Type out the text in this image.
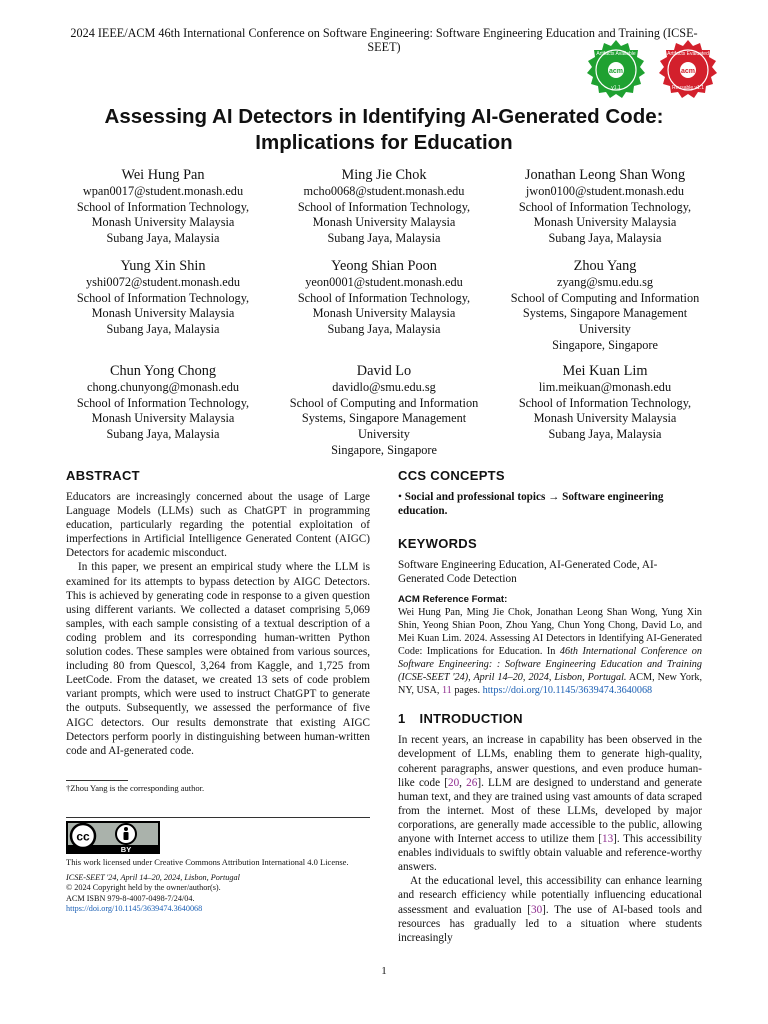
2024 IEEE/ACM 46th International Conference on Software Engineering: Software Engineering Education and Training (ICSE-SEET)
acm
Artifacts Available
v1.1
acm
Artifacts Evaluated
Reusable v1.1
Assessing AI Detectors in Identifying AI-Generated Code:
Implications for Education
Wei Hung Pan
wpan0017@student.monash.edu
School of Information Technology,
Monash University Malaysia
Subang Jaya, Malaysia
Ming Jie Chok
mcho0068@student.monash.edu
School of Information Technology,
Monash University Malaysia
Subang Jaya, Malaysia
Jonathan Leong Shan Wong
jwon0100@student.monash.edu
School of Information Technology,
Monash University Malaysia
Subang Jaya, Malaysia
Yung Xin Shin
yshi0072@student.monash.edu
School of Information Technology,
Monash University Malaysia
Subang Jaya, Malaysia
Yeong Shian Poon
yeon0001@student.monash.edu
School of Information Technology,
Monash University Malaysia
Subang Jaya, Malaysia
Zhou Yang
zyang@smu.edu.sg
School of Computing and Information
Systems, Singapore Management
University
Singapore, Singapore
Chun Yong Chong
chong.chunyong@monash.edu
School of Information Technology,
Monash University Malaysia
Subang Jaya, Malaysia
David Lo
davidlo@smu.edu.sg
School of Computing and Information
Systems, Singapore Management
University
Singapore, Singapore
Mei Kuan Lim
lim.meikuan@monash.edu
School of Information Technology,
Monash University Malaysia
Subang Jaya, Malaysia
ABSTRACT

Educators are increasingly concerned about the usage of Large Language Models (LLMs) such as ChatGPT in programming education, particularly regarding the potential exploitation of imperfections in Artificial Intelligence Generated Content (AIGC) Detectors for academic misconduct.

In this paper, we present an empirical study where the LLM is examined for its attempts to bypass detection by AIGC Detectors. This is achieved by generating code in response to a given question using different variants. We collected a dataset comprising 5,069 samples, with each sample consisting of a textual description of a coding problem and its corresponding human-written Python solution codes. These samples were obtained from various sources, including 80 from Quescol, 3,264 from Kaggle, and 1,725 from LeetCode. From the dataset, we created 13 sets of code problem variant prompts, which were used to instruct ChatGPT to generate the outputs. Subsequently, we assessed the performance of five AIGC detectors. Our results demonstrate that existing AIGC Detectors perform poorly in distinguishing between human-written code and AI-generated code.

†Zhou Yang is the corresponding author.
cc
BY
This work licensed under Creative Commons Attribution International 4.0 License.
ICSE-SEET '24, April 14–20, 2024, Lisbon, Portugal
© 2024 Copyright held by the owner/author(s).
ACM ISBN 979-8-4007-0498-7/24/04.
https://doi.org/10.1145/3639474.3640068
CCS CONCEPTS

• Social and professional topics → Software engineering education.

KEYWORDS

Software Engineering Education, AI-Generated Code, AI-Generated Code Detection

ACM Reference Format:

Wei Hung Pan, Ming Jie Chok, Jonathan Leong Shan Wong, Yung Xin Shin, Yeong Shian Poon, Zhou Yang, Chun Yong Chong, David Lo, and Mei Kuan Lim. 2024. Assessing AI Detectors in Identifying AI-Generated Code: Implications for Education. In 46th International Conference on Software Engineering: : Software Engineering Education and Training (ICSE-SEET '24), April 14–20, 2024, Lisbon, Portugal. ACM, New York, NY, USA, 11 pages. https://doi.org/10.1145/3639474.3640068

1 INTRODUCTION

In recent years, an increase in capability has been observed in the development of LLMs, enabling them to generate high-quality, coherent paragraphs, answer questions, and even produce human-like code [20, 26]. LLM are designed to understand and generate human text, and they are trained using vast amounts of data scraped from the internet. Most of these LLMs, developed by major corporations, are generally made accessible to the public, allowing anyone with Internet access to utilize them [13]. This accessibility enables individuals to swiftly obtain valuable and reference-worthy answers.

At the educational level, this accessibility can enhance learning and research efficiency while potentially influencing educational assessment and evaluation [30]. The use of AI-based tools and resources has gradually led to a situation where students increasingly

1
